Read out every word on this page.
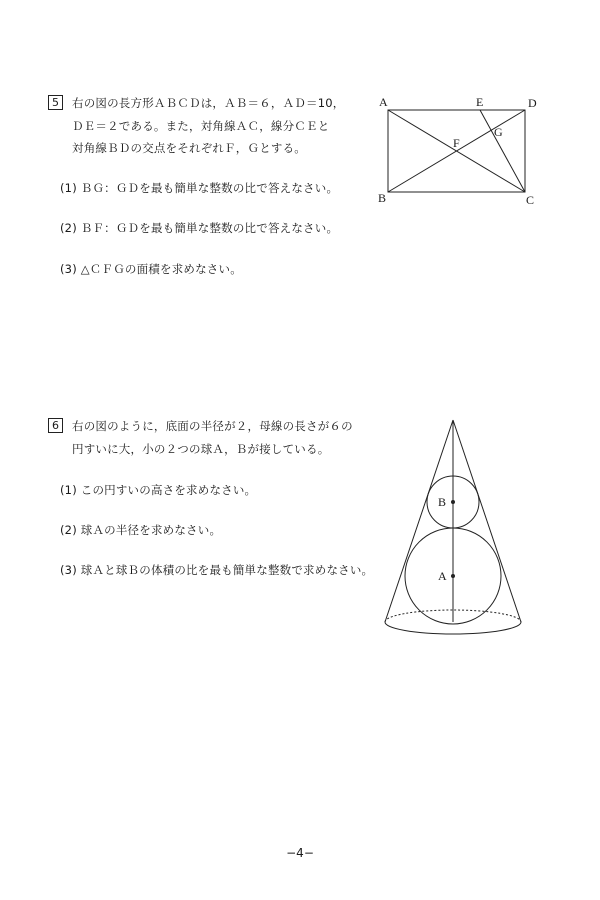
5	右の図の長方形ＡＢＣＤは，ＡＢ＝６，ＡＤ＝10，
ＤＥ＝２である。また，対角線ＡＣ，線分ＣＥと
対角線ＢＤの交点をそれぞれＦ，Ｇとする。
(1) ＢＧ：ＧＤを最も簡単な整数の比で答えなさい。
(2) ＢＦ：ＧＤを最も簡単な整数の比で答えなさい。
(3) △ＣＦＧの面積を求めなさい。
A	E	D
G
F
B	C
6	右の図のように，底面の半径が２，母線の長さが６の
円すいに大，小の２つの球Ａ，Ｂが接している。
(1) この円すいの高さを求めなさい。
(2) 球Ａの半径を求めなさい。
(3) 球Ａと球Ｂの体積の比を最も簡単な整数で求めなさい。
B
A
−4−
